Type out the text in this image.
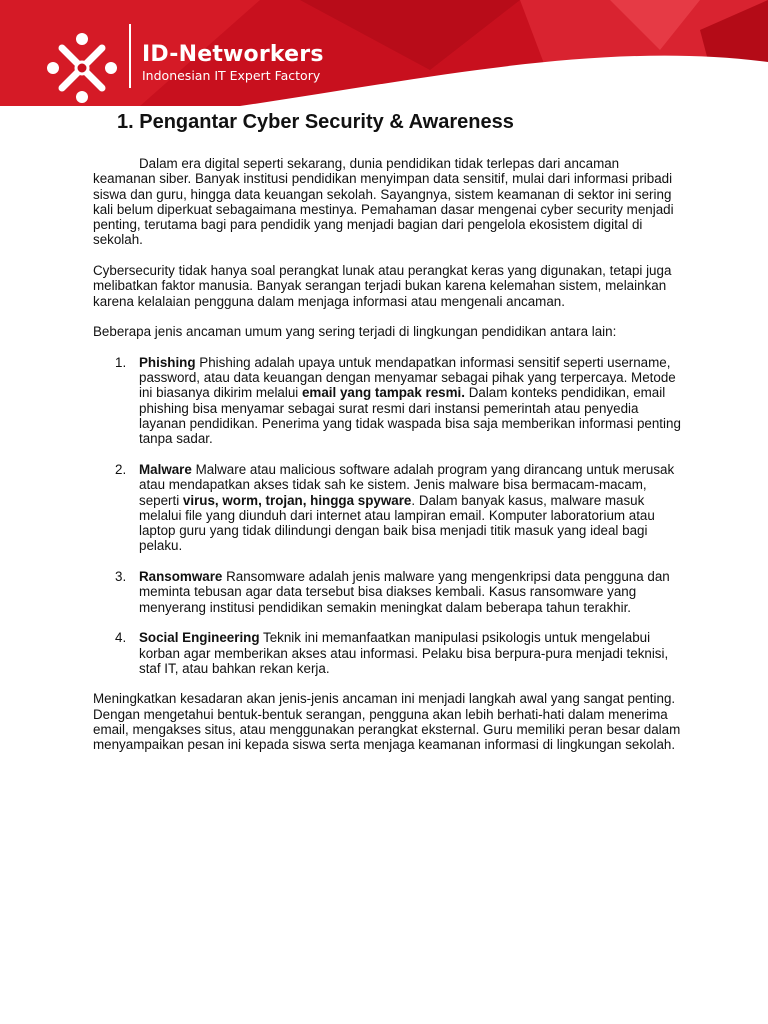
ID-Networkers
Indonesian IT Expert Factory
1. Pengantar Cyber Security & Awareness

Dalam era digital seperti sekarang, dunia pendidikan tidak terlepas dari ancaman keamanan siber. Banyak institusi pendidikan menyimpan data sensitif, mulai dari informasi pribadi siswa dan guru, hingga data keuangan sekolah. Sayangnya, sistem keamanan di sektor ini sering kali belum diperkuat sebagaimana mestinya. Pemahaman dasar mengenai cyber security menjadi penting, terutama bagi para pendidik yang menjadi bagian dari pengelola ekosistem digital di sekolah.

Cybersecurity tidak hanya soal perangkat lunak atau perangkat keras yang digunakan, tetapi juga melibatkan faktor manusia. Banyak serangan terjadi bukan karena kelemahan sistem, melainkan karena kelalaian pengguna dalam menjaga informasi atau mengenali ancaman.

Beberapa jenis ancaman umum yang sering terjadi di lingkungan pendidikan antara lain:

1. Phishing Phishing adalah upaya untuk mendapatkan informasi sensitif seperti username, password, atau data keuangan dengan menyamar sebagai pihak yang terpercaya. Metode ini biasanya dikirim melalui email yang tampak resmi. Dalam konteks pendidikan, email phishing bisa menyamar sebagai surat resmi dari instansi pemerintah atau penyedia layanan pendidikan. Penerima yang tidak waspada bisa saja memberikan informasi penting tanpa sadar.
2. Malware Malware atau malicious software adalah program yang dirancang untuk merusak atau mendapatkan akses tidak sah ke sistem. Jenis malware bisa bermacam-macam, seperti virus, worm, trojan, hingga spyware. Dalam banyak kasus, malware masuk melalui file yang diunduh dari internet atau lampiran email. Komputer laboratorium atau laptop guru yang tidak dilindungi dengan baik bisa menjadi titik masuk yang ideal bagi pelaku.
3. Ransomware Ransomware adalah jenis malware yang mengenkripsi data pengguna dan meminta tebusan agar data tersebut bisa diakses kembali. Kasus ransomware yang menyerang institusi pendidikan semakin meningkat dalam beberapa tahun terakhir.
4. Social Engineering Teknik ini memanfaatkan manipulasi psikologis untuk mengelabui korban agar memberikan akses atau informasi. Pelaku bisa berpura-pura menjadi teknisi, staf IT, atau bahkan rekan kerja.

Meningkatkan kesadaran akan jenis-jenis ancaman ini menjadi langkah awal yang sangat penting. Dengan mengetahui bentuk-bentuk serangan, pengguna akan lebih berhati-hati dalam menerima email, mengakses situs, atau menggunakan perangkat eksternal. Guru memiliki peran besar dalam menyampaikan pesan ini kepada siswa serta menjaga keamanan informasi di lingkungan sekolah.
